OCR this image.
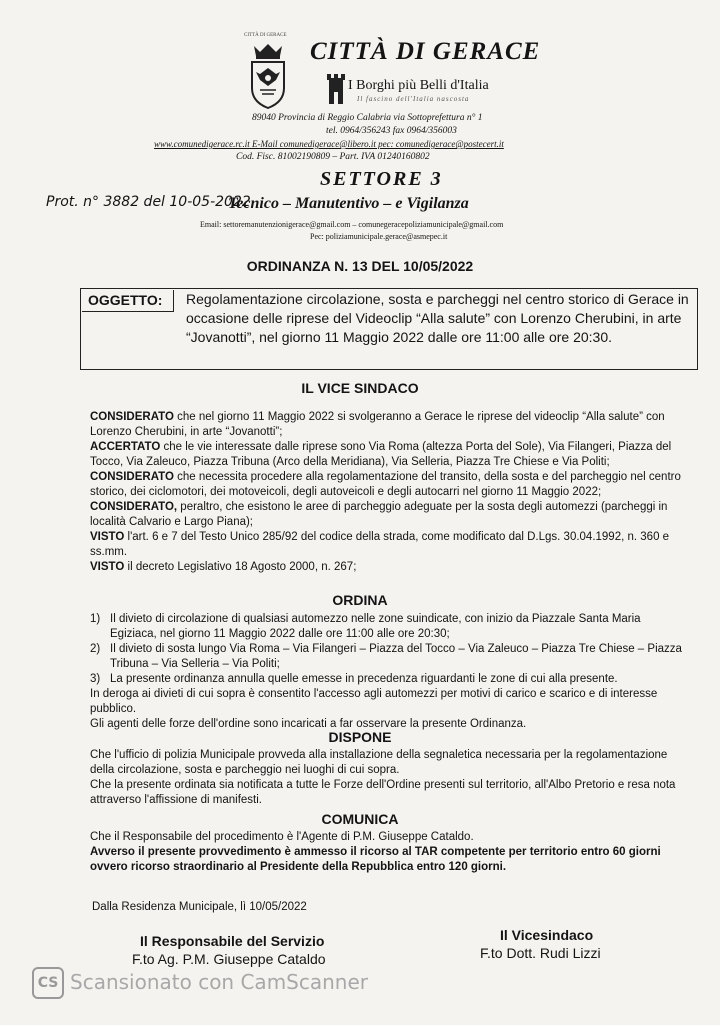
CITTÀ DI GERACE
CITTÀ DI GERACE
I Borghi più Belli d'Italia
Il fascino dell'Italia nascosta
89040 Provincia di Reggio Calabria via Sottoprefettura n° 1
tel. 0964/356243 fax 0964/356003
www.comunedigerace.rc.it E-Mail comunedigerace@libero.it pec: comunedigerace@postecert.it
Cod. Fisc. 81002190809 – Part. IVA 01240160802
SETTORE 3
Prot. n° 3882 del 10-05-2022
Tecnico – Manutentivo – e Vigilanza
Email: settoremanutenzionigerace@gmail.com – comunegeracepoliziamunicipale@gmail.com
Pec: poliziamunicipale.gerace@asmepec.it
ORDINANZA N. 13 DEL 10/05/2022
OGGETTO:	Regolamentazione circolazione, sosta e parcheggi nel centro storico di Gerace in occasione delle riprese del Videoclip “Alla salute” con Lorenzo Cherubini, in arte “Jovanotti”, nel giorno 11 Maggio 2022 dalle ore 11:00 alle ore 20:30.
IL VICE SINDACO
CONSIDERATO che nel giorno 11 Maggio 2022 si svolgeranno a Gerace le riprese del videoclip “Alla salute” con Lorenzo Cherubini, in arte “Jovanotti”;
ACCERTATO che le vie interessate dalle riprese sono Via Roma (altezza Porta del Sole), Via Filangeri, Piazza del Tocco, Via Zaleuco, Piazza Tribuna (Arco della Meridiana), Via Selleria, Piazza Tre Chiese e Via Politi;
CONSIDERATO che necessita procedere alla regolamentazione del transito, della sosta e del parcheggio nel centro storico, dei ciclomotori, dei motoveicoli, degli autoveicoli e degli autocarri nel giorno 11 Maggio 2022;
CONSIDERATO, peraltro, che esistono le aree di parcheggio adeguate per la sosta degli automezzi (parcheggi in località Calvario e Largo Piana);
VISTO l'art. 6 e 7 del Testo Unico 285/92 del codice della strada, come modificato dal D.Lgs. 30.04.1992, n. 360 e ss.mm.
VISTO il decreto Legislativo 18 Agosto 2000, n. 267;
ORDINA
1) Il divieto di circolazione di qualsiasi automezzo nelle zone suindicate, con inizio da Piazzale Santa Maria Egiziaca, nel giorno 11 Maggio 2022 dalle ore 11:00 alle ore 20:30;
2) Il divieto di sosta lungo Via Roma – Via Filangeri – Piazza del Tocco – Via Zaleuco – Piazza Tre Chiese – Piazza Tribuna – Via Selleria – Via Politi;
3) La presente ordinanza annulla quelle emesse in precedenza riguardanti le zone di cui alla presente.
In deroga ai divieti di cui sopra è consentito l'accesso agli automezzi per motivi di carico e scarico e di interesse pubblico.
Gli agenti delle forze dell'ordine sono incaricati a far osservare la presente Ordinanza.
DISPONE
Che l'ufficio di polizia Municipale provveda alla installazione della segnaletica necessaria per la regolamentazione della circolazione, sosta e parcheggio nei luoghi di cui sopra.
Che la presente ordinata sia notificata a tutte le Forze dell'Ordine presenti sul territorio, all'Albo Pretorio e resa nota attraverso l'affissione di manifesti.
COMUNICA
Che il Responsabile del procedimento è l'Agente di P.M. Giuseppe Cataldo.
Avverso il presente provvedimento è ammesso il ricorso al TAR competente per territorio entro 60 giorni ovvero ricorso straordinario al Presidente della Repubblica entro 120 giorni.
Dalla Residenza Municipale, lì 10/05/2022
Il Responsabile del Servizio
F.to Ag. P.M. Giuseppe Cataldo
Il Vicesindaco
F.to Dott. Rudi Lizzi
CS Scansionato con CamScanner
